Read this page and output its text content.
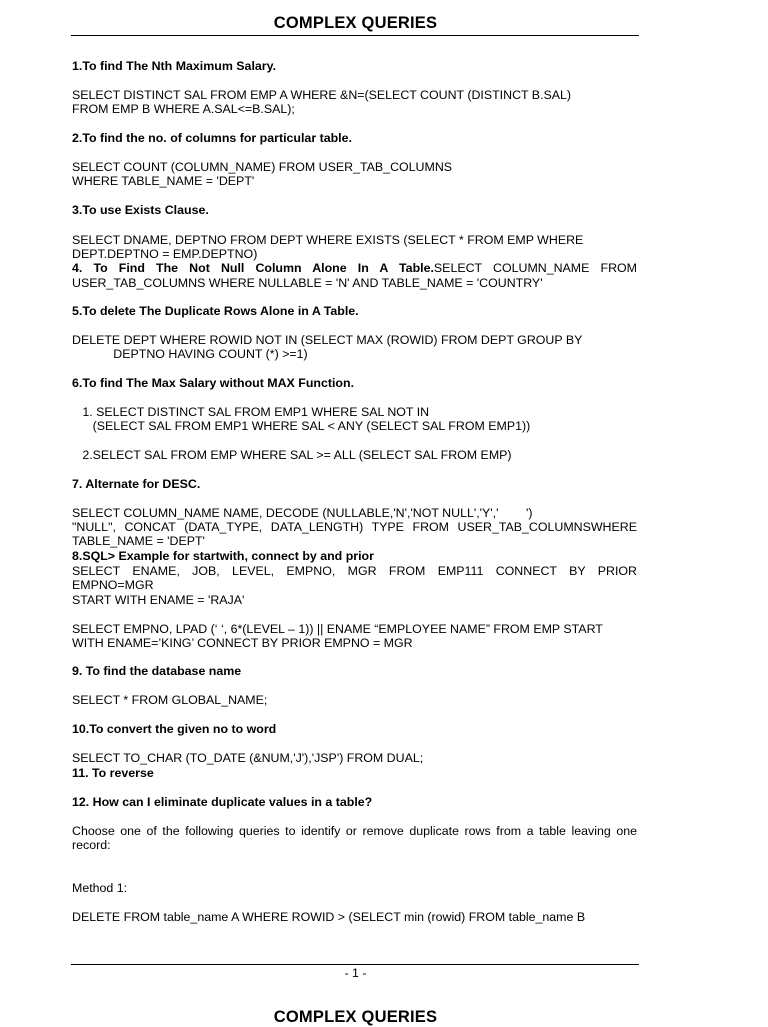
COMPLEX QUERIES
1.To find The Nth Maximum Salary.
SELECT DISTINCT SAL FROM EMP A WHERE &N=(SELECT COUNT (DISTINCT B.SAL)
FROM EMP B WHERE A.SAL<=B.SAL);
2.To find the no. of columns for particular table.
SELECT COUNT (COLUMN_NAME) FROM USER_TAB_COLUMNS
WHERE TABLE_NAME = 'DEPT'
3.To use Exists Clause.
SELECT DNAME, DEPTNO FROM DEPT WHERE EXISTS (SELECT * FROM EMP WHERE
DEPT.DEPTNO = EMP.DEPTNO)
4. To Find The Not Null Column Alone In A Table.SELECT COLUMN_NAME FROM
USER_TAB_COLUMNS WHERE NULLABLE = 'N' AND TABLE_NAME = 'COUNTRY'
5.To delete The Duplicate Rows Alone in A Table.
DELETE DEPT WHERE ROWID NOT IN (SELECT MAX (ROWID) FROM DEPT GROUP BY
DEPTNO HAVING COUNT (*) >=1)
6.To find The Max Salary without MAX Function.
1. SELECT DISTINCT SAL FROM EMP1 WHERE SAL NOT IN
(SELECT SAL FROM EMP1 WHERE SAL < ANY (SELECT SAL FROM EMP1))
2.SELECT SAL FROM EMP WHERE SAL >= ALL (SELECT SAL FROM EMP)
7. Alternate for DESC.
SELECT COLUMN_NAME NAME, DECODE (NULLABLE,'N','NOT NULL','Y','        ')
"NULL", CONCAT (DATA_TYPE, DATA_LENGTH) TYPE FROM USER_TAB_COLUMNSWHERE
TABLE_NAME = 'DEPT'
8.SQL> Example for startwith, connect by and prior
SELECT ENAME, JOB, LEVEL, EMPNO, MGR FROM EMP111 CONNECT BY PRIOR
EMPNO=MGR
START WITH ENAME = 'RAJA'
SELECT EMPNO, LPAD (‘ ‘, 6*(LEVEL – 1)) || ENAME “EMPLOYEE NAME” FROM EMP START
WITH ENAME=’KING’ CONNECT BY PRIOR EMPNO = MGR
9. To find the database name
SELECT * FROM GLOBAL_NAME;
10.To convert the given no to word
SELECT TO_CHAR (TO_DATE (&NUM,'J'),'JSP') FROM DUAL;
11. To reverse
12. How can I eliminate duplicate values in a table?
Choose one of the following queries to identify or remove duplicate rows from a table leaving one
record:
Method 1:
DELETE FROM table_name A WHERE ROWID > (SELECT min (rowid) FROM table_name B
- 1 -
COMPLEX QUERIES
